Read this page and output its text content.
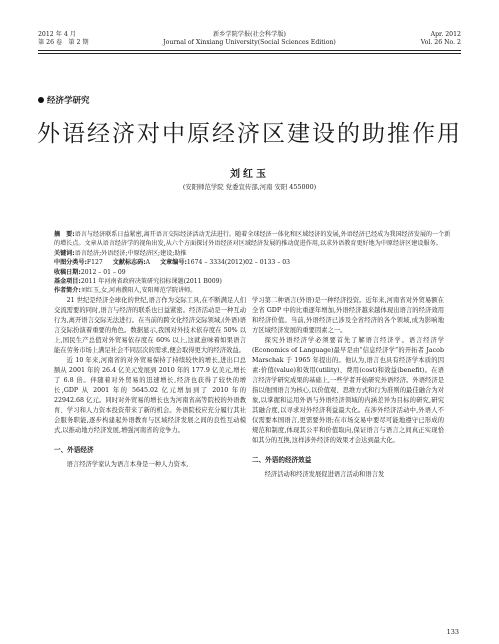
2012 年 4 月
第 26 卷　第 2 期
新乡学院学报(社会科学版)
Journal of Xinxiang University(Social Sciences Edition)
Apr. 2012
Vol. 26 No. 2
经济学研究
外语经济对中原经济区建设的助推作用
刘红玉
(安阳师范学院 党委宣传部,河南 安阳 455000)

摘　要:语言与经济联系日益紧密,离开语言交际经济活动无法进行。随着全球经济一体化和区域经济的发展,外语经济已经成为我国经济发展的一个新的增长点。文章从语言经济学的视角出发,从六个方面探讨外语经济对区域经济发展的推动促进作用,以求外语教育更好地为中原经济区建设服务。

关键词:语言经济;外语经济;中原经济区;建设;助推

中图分类号:F127 文献标志码:A 文章编号:1674 – 3334(2012)02 – 0133 – 03

收稿日期:2012 – 01 – 09

基金项目:2011 年河南省政府决策研究招标课题(2011 B009)

作者简介:刘红玉,女,河南濮阳人,安阳师范学院讲师。

21 世纪是经济全球化的世纪,语言作为交际工具,在不断满足人们交流需要的同时,语言与经济的联系也日益紧密。经济活动是一种互动行为,离开语言交际无法进行。在当前的跨文化经济交际领域,(外语)语言交际扮演着重要的角色。数据显示,我国对外技术依存度在 50% 以上,国民生产总值对外贸易依存度在 60% 以上,这就意味着如果语言能在劳务市场上满足社会不同层次的需求,便会取得更大的经济效益。

近 10 年来,河南省的对外贸易保持了持续较快的增长,进出口总额从 2001 年的 26.4 亿美元发展到 2010 年的 177.9 亿美元,增长了 6.8 倍。伴随着对外贸易的迅速增长,经济也获得了较快的增长,GDP 从 2001 年的 5645.02 亿元增加到了 2010 年的 22942.68 亿元。同时对外贸易的增长也为河南省高等院校的外语教育、学习和人力资本投资带来了新的机会。外语院校应充分履行其社会服务职能,逐步构建起外语教育与区域经济发展之间的良性互动模式,以推动地方经济发展,增强河南省的竞争力。

一、外语经济

语言经济学家认为语言本身是一种人力资本,

学习第二种语言(外语)是一种经济投资。近年来,河南省对外贸易额在全省 GDP 中的比重逐年增加,外语经济越来越体现出语言的经济效用和经济价值。当前,外语经济已涉及全省经济的各个领域,成为影响地方区域经济发展的重要因素之一。

探究外语经济学必须要首先了解语言经济学。语言经济学(Economics of Language)最早是由“信息经济学”的开拓者 Jacob Marschak 于 1965 年提出的。他认为,语言也具有经济学本质的因素:价值(value)和效用(utility)、费用(cost)和效益(benefit)。在语言经济学研究成果的基础上,一些学者开始研究外语经济。外语经济是指以他国语言为核心,以价值观、思维方式和行为准则的最佳融合为对象,以掌握和运用外语与外语经济领域的内涵差异为目标的研究,研究其融合度,以寻求对外经济利益最大化。在涉外经济活动中,外语人不仅需要本国语言,更需要外语;在市场交易中要尽可能地遵守已形成的规范和制度,体现其公平和价值取向,保证语言与语言之间真正实现恰如其分的互换,这样涉外经济的效果才会达到最大化。

二、外语的经济效益

经济活动和经济发展促进语言活动和语言发

133
